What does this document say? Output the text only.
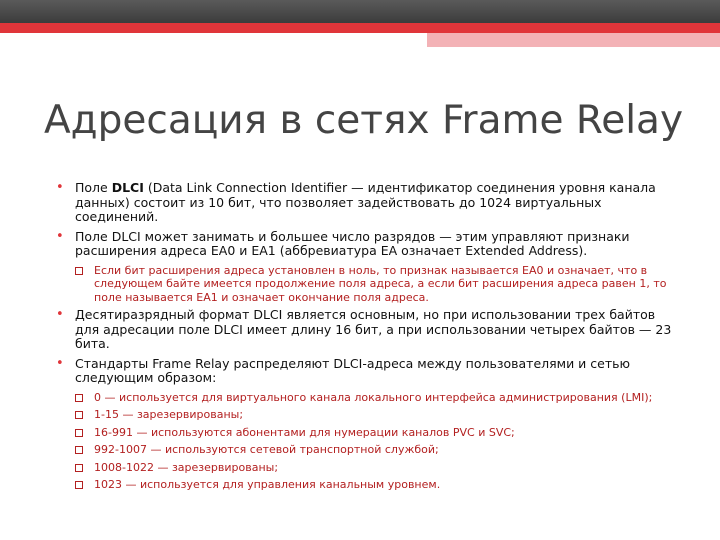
Адресация в сетях Frame Relay
• Поле DLCI (Data Link Connection Identifier — идентификатор соединения уровня канала данных) состоит из 10 бит, что позволяет задействовать до 1024 виртуальных соединений.
• Поле DLCI может занимать и большее число разрядов — этим управляют признаки расширения адреса EA0 и EA1 (аббревиатура EA означает Extended Address).
Если бит расширения адреса установлен в ноль, то признак называется EA0 и означает, что в следующем байте имеется продолжение поля адреса, а если бит расширения адреса равен 1, то поле называется EA1 и означает окончание поля адреса.
• Десятиразрядный формат DLCI является основным, но при использовании трех байтов для адресации поле DLCI имеет длину 16 бит, а при использовании четырех байтов — 23 бита.
• Стандарты Frame Relay распределяют DLCI-адреса между пользователями и сетью следующим образом:
0 — используется для виртуального канала локального интерфейса администрирования (LMI);
1-15 — зарезервированы;
16-991 — используются абонентами для нумерации каналов PVC и SVC;
992-1007 — используются сетевой транспортной службой;
1008-1022 — зарезервированы;
1023 — используется для управления канальным уровнем.
